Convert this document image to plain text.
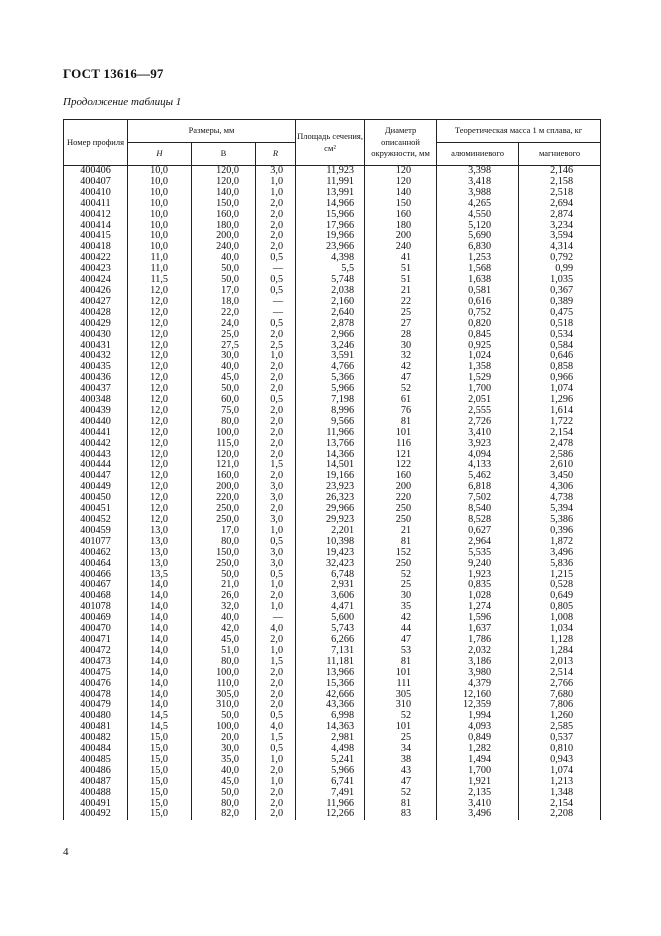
ГОСТ 13616—97
Продолжение таблицы 1
Номер профиля	Размеры, мм			Площадь сечения, см²	Диаметр описанной окружности, мм	Теоретическая масса 1 м сплава, кг	
	H	B	R			алюминиевого	магниевого
400406	10,0	120,0	3,0	11,923	120	3,398	2,146
400407	10,0	120,0	1,0	11,991	120	3,418	2,158
400410	10,0	140,0	1,0	13,991	140	3,988	2,518
400411	10,0	150,0	2,0	14,966	150	4,265	2,694
400412	10,0	160,0	2,0	15,966	160	4,550	2,874
400414	10,0	180,0	2,0	17,966	180	5,120	3,234
400415	10,0	200,0	2,0	19,966	200	5,690	3,594
400418	10,0	240,0	2,0	23,966	240	6,830	4,314
400422	11,0	40,0	0,5	4,398	41	1,253	0,792
400423	11,0	50,0	—	5,5	51	1,568	0,99
400424	11,5	50,0	0,5	5,748	51	1,638	1,035
400426	12,0	17,0	0,5	2,038	21	0,581	0,367
400427	12,0	18,0	—	2,160	22	0,616	0,389
400428	12,0	22,0	—	2,640	25	0,752	0,475
400429	12,0	24,0	0,5	2,878	27	0,820	0,518
400430	12,0	25,0	2,0	2,966	28	0,845	0,534
400431	12,0	27,5	2,5	3,246	30	0,925	0,584
400432	12,0	30,0	1,0	3,591	32	1,024	0,646
400435	12,0	40,0	2,0	4,766	42	1,358	0,858
400436	12,0	45,0	2,0	5,366	47	1,529	0,966
400437	12,0	50,0	2,0	5,966	52	1,700	1,074
400348	12,0	60,0	0,5	7,198	61	2,051	1,296
400439	12,0	75,0	2,0	8,996	76	2,555	1,614
400440	12,0	80,0	2,0	9,566	81	2,726	1,722
400441	12,0	100,0	2,0	11,966	101	3,410	2,154
400442	12,0	115,0	2,0	13,766	116	3,923	2,478
400443	12,0	120,0	2,0	14,366	121	4,094	2,586
400444	12,0	121,0	1,5	14,501	122	4,133	2,610
400447	12,0	160,0	2,0	19,166	160	5,462	3,450
400449	12,0	200,0	3,0	23,923	200	6,818	4,306
400450	12,0	220,0	3,0	26,323	220	7,502	4,738
400451	12,0	250,0	2,0	29,966	250	8,540	5,394
400452	12,0	250,0	3,0	29,923	250	8,528	5,386
400459	13,0	17,0	1,0	2,201	21	0,627	0,396
401077	13,0	80,0	0,5	10,398	81	2,964	1,872
400462	13,0	150,0	3,0	19,423	152	5,535	3,496
400464	13,0	250,0	3,0	32,423	250	9,240	5,836
400466	13,5	50,0	0,5	6,748	52	1,923	1,215
400467	14,0	21,0	1,0	2,931	25	0,835	0,528
400468	14,0	26,0	2,0	3,606	30	1,028	0,649
401078	14,0	32,0	1,0	4,471	35	1,274	0,805
400469	14,0	40,0	—	5,600	42	1,596	1,008
400470	14,0	42,0	4,0	5,743	44	1,637	1,034
400471	14,0	45,0	2,0	6,266	47	1,786	1,128
400472	14,0	51,0	1,0	7,131	53	2,032	1,284
400473	14,0	80,0	1,5	11,181	81	3,186	2,013
400475	14,0	100,0	2,0	13,966	101	3,980	2,514
400476	14,0	110,0	2,0	15,366	111	4,379	2,766
400478	14,0	305,0	2,0	42,666	305	12,160	7,680
400479	14,0	310,0	2,0	43,366	310	12,359	7,806
400480	14,5	50,0	0,5	6,998	52	1,994	1,260
400481	14,5	100,0	4,0	14,363	101	4,093	2,585
400482	15,0	20,0	1,5	2,981	25	0,849	0,537
400484	15,0	30,0	0,5	4,498	34	1,282	0,810
400485	15,0	35,0	1,0	5,241	38	1,494	0,943
400486	15,0	40,0	2,0	5,966	43	1,700	1,074
400487	15,0	45,0	1,0	6,741	47	1,921	1,213
400488	15,0	50,0	2,0	7,491	52	2,135	1,348
400491	15,0	80,0	2,0	11,966	81	3,410	2,154
400492	15,0	82,0	2,0	12,266	83	3,496	2,208
4
